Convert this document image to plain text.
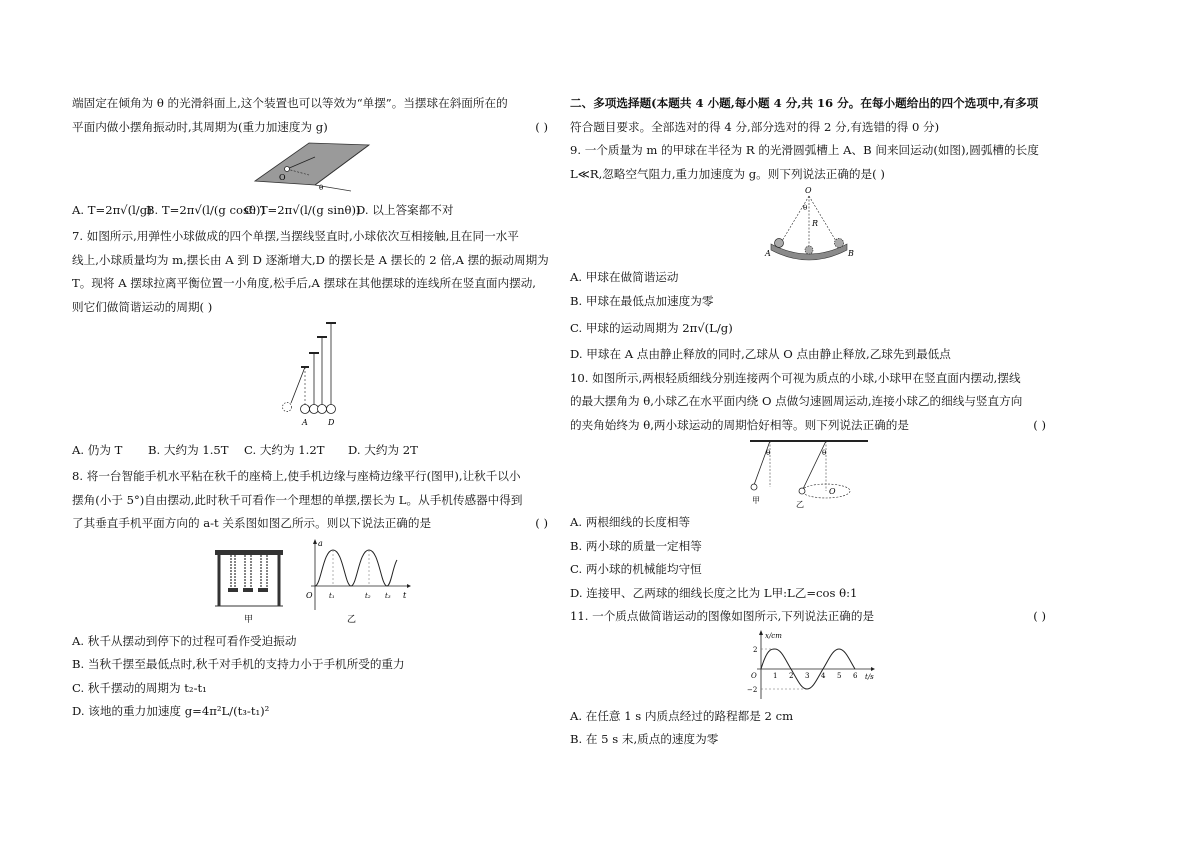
端固定在倾角为 θ 的光滑斜面上,这个装置也可以等效为“单摆”。当摆球在斜面所在的
平面内做小摆角振动时,其周期为(重力加速度为 g)	( )
O
θ
A. T=2π√(l/g)
B. T=2π√(l/(g cosθ))
C. T=2π√(l/(g sinθ))
D. 以上答案都不对
7. 如图所示,用弹性小球做成的四个单摆,当摆线竖直时,小球依次互相接触,且在同一水平
线上,小球质量均为 m,摆长由 A 到 D 逐渐增大,D 的摆长是 A 摆长的 2 倍,A 摆的振动周期为
T。现将 A 摆球拉离平衡位置一小角度,松手后,A 摆球在其他摆球的连线所在竖直面内摆动,
则它们做简谐运动的周期( )
A	D
A. 仍为 T	B. 大约为 1.5T	C. 大约为 1.2T	D. 大约为 2T
8. 将一台智能手机水平粘在秋千的座椅上,使手机边缘与座椅边缘平行(图甲),让秋千以小
摆角(小于 5°)自由摆动,此时秋千可看作一个理想的单摆,摆长为 L。从手机传感器中得到
了其垂直手机平面方向的 a-t 关系图如图乙所示。则以下说法正确的是	( )
甲
a
O	t
t₁	t₂ t₃
乙
A. 秋千从摆动到停下的过程可看作受迫振动
B. 当秋千摆至最低点时,秋千对手机的支持力小于手机所受的重力
C. 秋千摆动的周期为 t₂-t₁
D. 该地的重力加速度 g=4π²L/(t₃-t₁)²
二、多项选择题(本题共 4 小题,每小题 4 分,共 16 分。在每小题给出的四个选项中,有多项
符合题目要求。全部选对的得 4 分,部分选对的得 2 分,有选错的得 0 分)
9. 一个质量为 m 的甲球在半径为 R 的光滑圆弧槽上 A、B 间来回运动(如图),圆弧槽的长度
L≪R,忽略空气阻力,重力加速度为 g。则下列说法正确的是( )
O
θ
R
A	B
A. 甲球在做简谐运动
B. 甲球在最低点加速度为零
C. 甲球的运动周期为 2π√(L/g)
D. 甲球在 A 点由静止释放的同时,乙球从 O 点由静止释放,乙球先到最低点
10. 如图所示,两根轻质细线分别连接两个可视为质点的小球,小球甲在竖直面内摆动,摆线
的最大摆角为 θ,小球乙在水平面内绕 O 点做匀速圆周运动,连接小球乙的细线与竖直方向
的夹角始终为 θ,两小球运动的周期恰好相等。则下列说法正确的是	( )
θ
甲
θ
O
乙
A. 两根细线的长度相等
B. 两小球的质量一定相等
C. 两小球的机械能均守恒
D. 连接甲、乙两球的细线长度之比为 L甲:L乙=cos θ:1
11. 一个质点做简谐运动的图像如图所示,下列说法正确的是	( )
x/cm
t/s
O
2
−2
1 2 3 4 5 6
A. 在任意 1 s 内质点经过的路程都是 2 cm
B. 在 5 s 末,质点的速度为零
